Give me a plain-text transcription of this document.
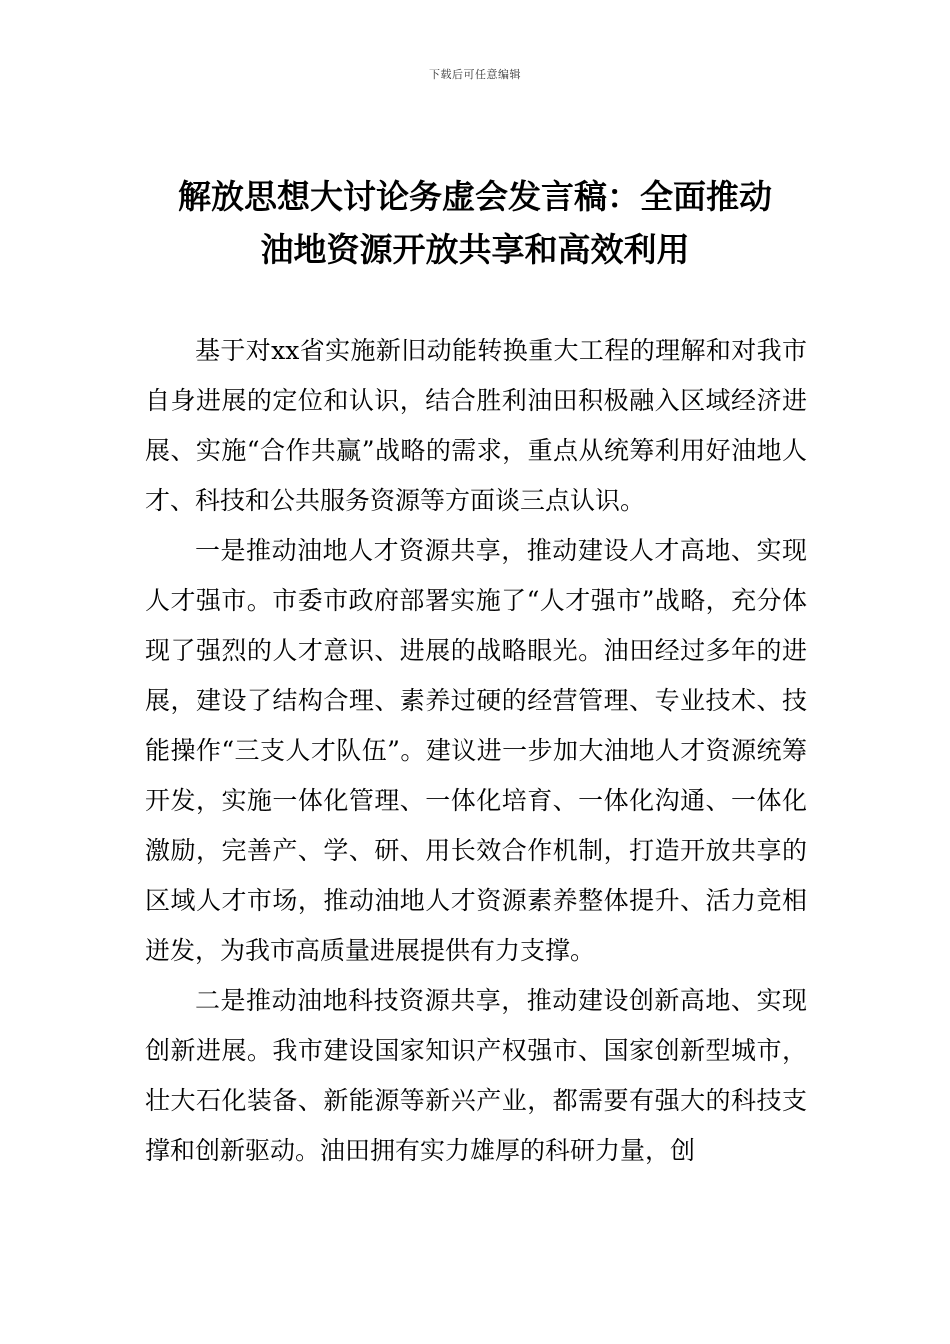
下载后可任意编辑
解放思想大讨论务虚会发言稿：全面推动
油地资源开放共享和高效利用

基于对xx省实施新旧动能转换重大工程的理解和对我市自身进展的定位和认识，结合胜利油田积极融入区域经济进展、实施“合作共赢”战略的需求，重点从统筹利用好油地人才、科技和公共服务资源等方面谈三点认识。

一是推动油地人才资源共享，推动建设人才高地、实现人才强市。市委市政府部署实施了“人才强市”战略，充分体现了强烈的人才意识、进展的战略眼光。油田经过多年的进展，建设了结构合理、素养过硬的经营管理、专业技术、技能操作“三支人才队伍”。建议进一步加大油地人才资源统筹开发，实施一体化管理、一体化培育、一体化沟通、一体化激励，完善产、学、研、用长效合作机制，打造开放共享的区域人才市场，推动油地人才资源素养整体提升、活力竞相迸发，为我市高质量进展提供有力支撑。

二是推动油地科技资源共享，推动建设创新高地、实现创新进展。我市建设国家知识产权强市、国家创新型城市，壮大石化装备、新能源等新兴产业，都需要有强大的科技支撑和创新驱动。油田拥有实力雄厚的科研力量，创
